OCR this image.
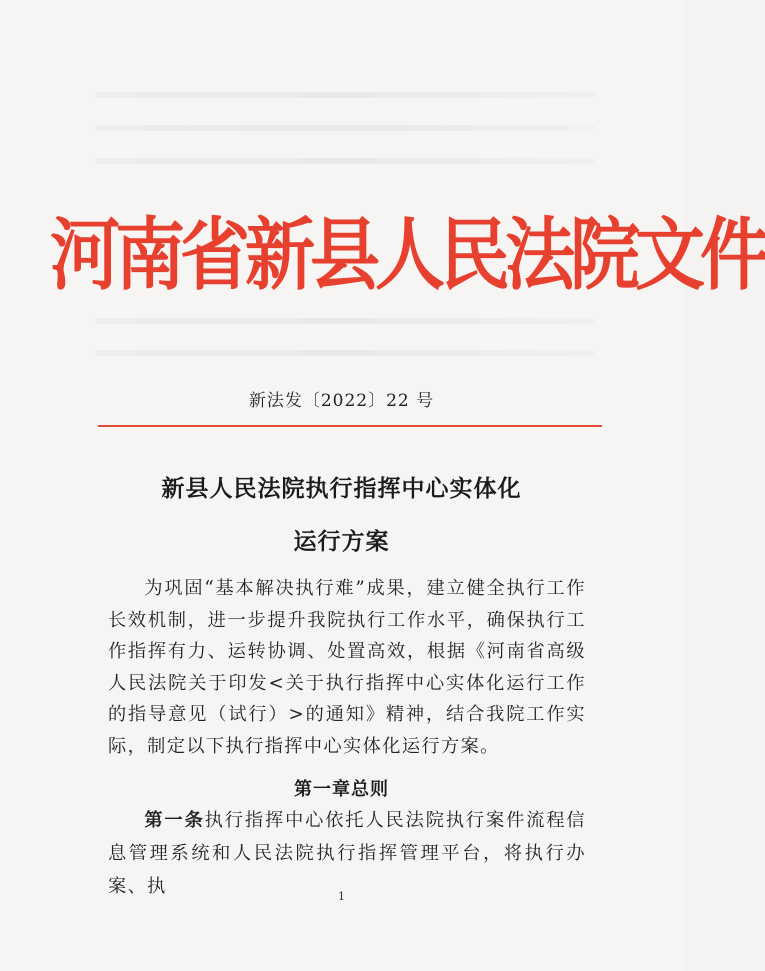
河南省新县人民法院文件
新法发〔2022〕22 号
新县人民法院执行指挥中心实体化
运行方案

为巩固“基本解决执行难”成果，建立健全执行工作长效机制，进一步提升我院执行工作水平，确保执行工作指挥有力、运转协调、处置高效，根据《河南省高级人民法院关于印发<关于执行指挥中心实体化运行工作的指导意见（试行）>的通知》精神，结合我院工作实际，制定以下执行指挥中心实体化运行方案。

第一章总则
第一条执行指挥中心依托人民法院执行案件流程信息管理系统和人民法院执行指挥管理平台，将执行办案、执	1
